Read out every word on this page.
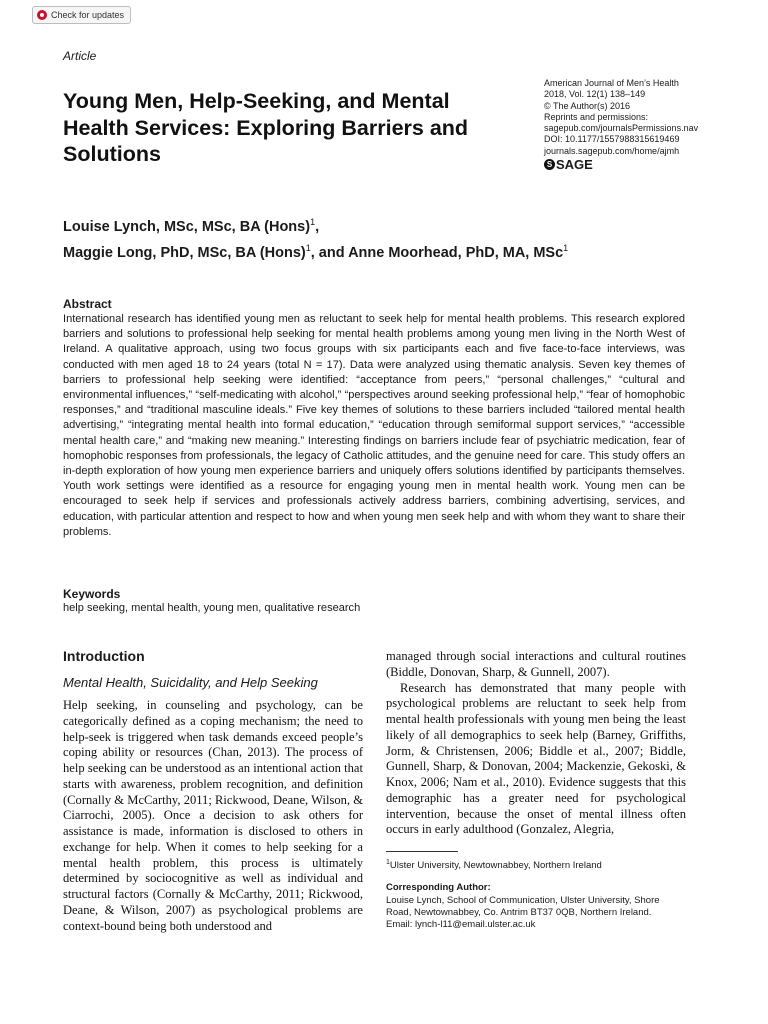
Check for updates
Article
Young Men, Help-Seeking, and Mental Health Services: Exploring Barriers and Solutions
American Journal of Men’s Health
2018, Vol. 12(1) 138–149
© The Author(s) 2016
Reprints and permissions:
sagepub.com/journalsPermissions.nav
DOI: 10.1177/1557988315619469
journals.sagepub.com/home/ajmh
S SAGE
Louise Lynch, MSc, MSc, BA (Hons)$^1$,
Maggie Long, PhD, MSc, BA (Hons)$^1$, and Anne Moorhead, PhD, MA, MSc$^1$
Abstract

International research has identified young men as reluctant to seek help for mental health problems. This research explored barriers and solutions to professional help seeking for mental health problems among young men living in the North West of Ireland. A qualitative approach, using two focus groups with six participants each and five face-to-face interviews, was conducted with men aged 18 to 24 years (total N = 17). Data were analyzed using thematic analysis. Seven key themes of barriers to professional help seeking were identified: “acceptance from peers,” “personal challenges,” “cultural and environmental influences,” “self-medicating with alcohol,” “perspectives around seeking professional help,” “fear of homophobic responses,” and “traditional masculine ideals.” Five key themes of solutions to these barriers included “tailored mental health advertising,” “integrating mental health into formal education,” “education through semiformal support services,” “accessible mental health care,” and “making new meaning.” Interesting findings on barriers include fear of psychiatric medication, fear of homophobic responses from professionals, the legacy of Catholic attitudes, and the genuine need for care. This study offers an in-depth exploration of how young men experience barriers and uniquely offers solutions identified by participants themselves. Youth work settings were identified as a resource for engaging young men in mental health work. Young men can be encouraged to seek help if services and professionals actively address barriers, combining advertising, services, and education, with particular attention and respect to how and when young men seek help and with whom they want to share their problems.

Keywords
help seeking, mental health, young men, qualitative research
Introduction
Mental Health, Suicidality, and Help Seeking

Help seeking, in counseling and psychology, can be categorically defined as a coping mechanism; the need to help-seek is triggered when task demands exceed people’s coping ability or resources (Chan, 2013). The process of help seeking can be understood as an intentional action that starts with awareness, problem recognition, and definition (Cornally & McCarthy, 2011; Rickwood, Deane, Wilson, & Ciarrochi, 2005). Once a decision to ask others for assistance is made, information is disclosed to others in exchange for help. When it comes to help seeking for a mental health problem, this process is ultimately determined by sociocognitive as well as individual and structural factors (Cornally & McCarthy, 2011; Rickwood, Deane, & Wilson, 2007) as psychological problems are context-bound being both understood and

managed through social interactions and cultural routines (Biddle, Donovan, Sharp, & Gunnell, 2007).

Research has demonstrated that many people with psychological problems are reluctant to seek help from mental health professionals with young men being the least likely of all demographics to seek help (Barney, Griffiths, Jorm, & Christensen, 2006; Biddle et al., 2007; Biddle, Gunnell, Sharp, & Donovan, 2004; Mackenzie, Gekoski, & Knox, 2006; Nam et al., 2010). Evidence suggests that this demographic has a greater need for psychological intervention, because the onset of mental illness often occurs in early adulthood (Gonzalez, Alegria,

$^1$Ulster University, Newtownabbey, Northern Ireland
Corresponding Author:
Louise Lynch, School of Communication, Ulster University, Shore
Road, Newtownabbey, Co. Antrim BT37 0QB, Northern Ireland.
Email: lynch-l11@email.ulster.ac.uk
